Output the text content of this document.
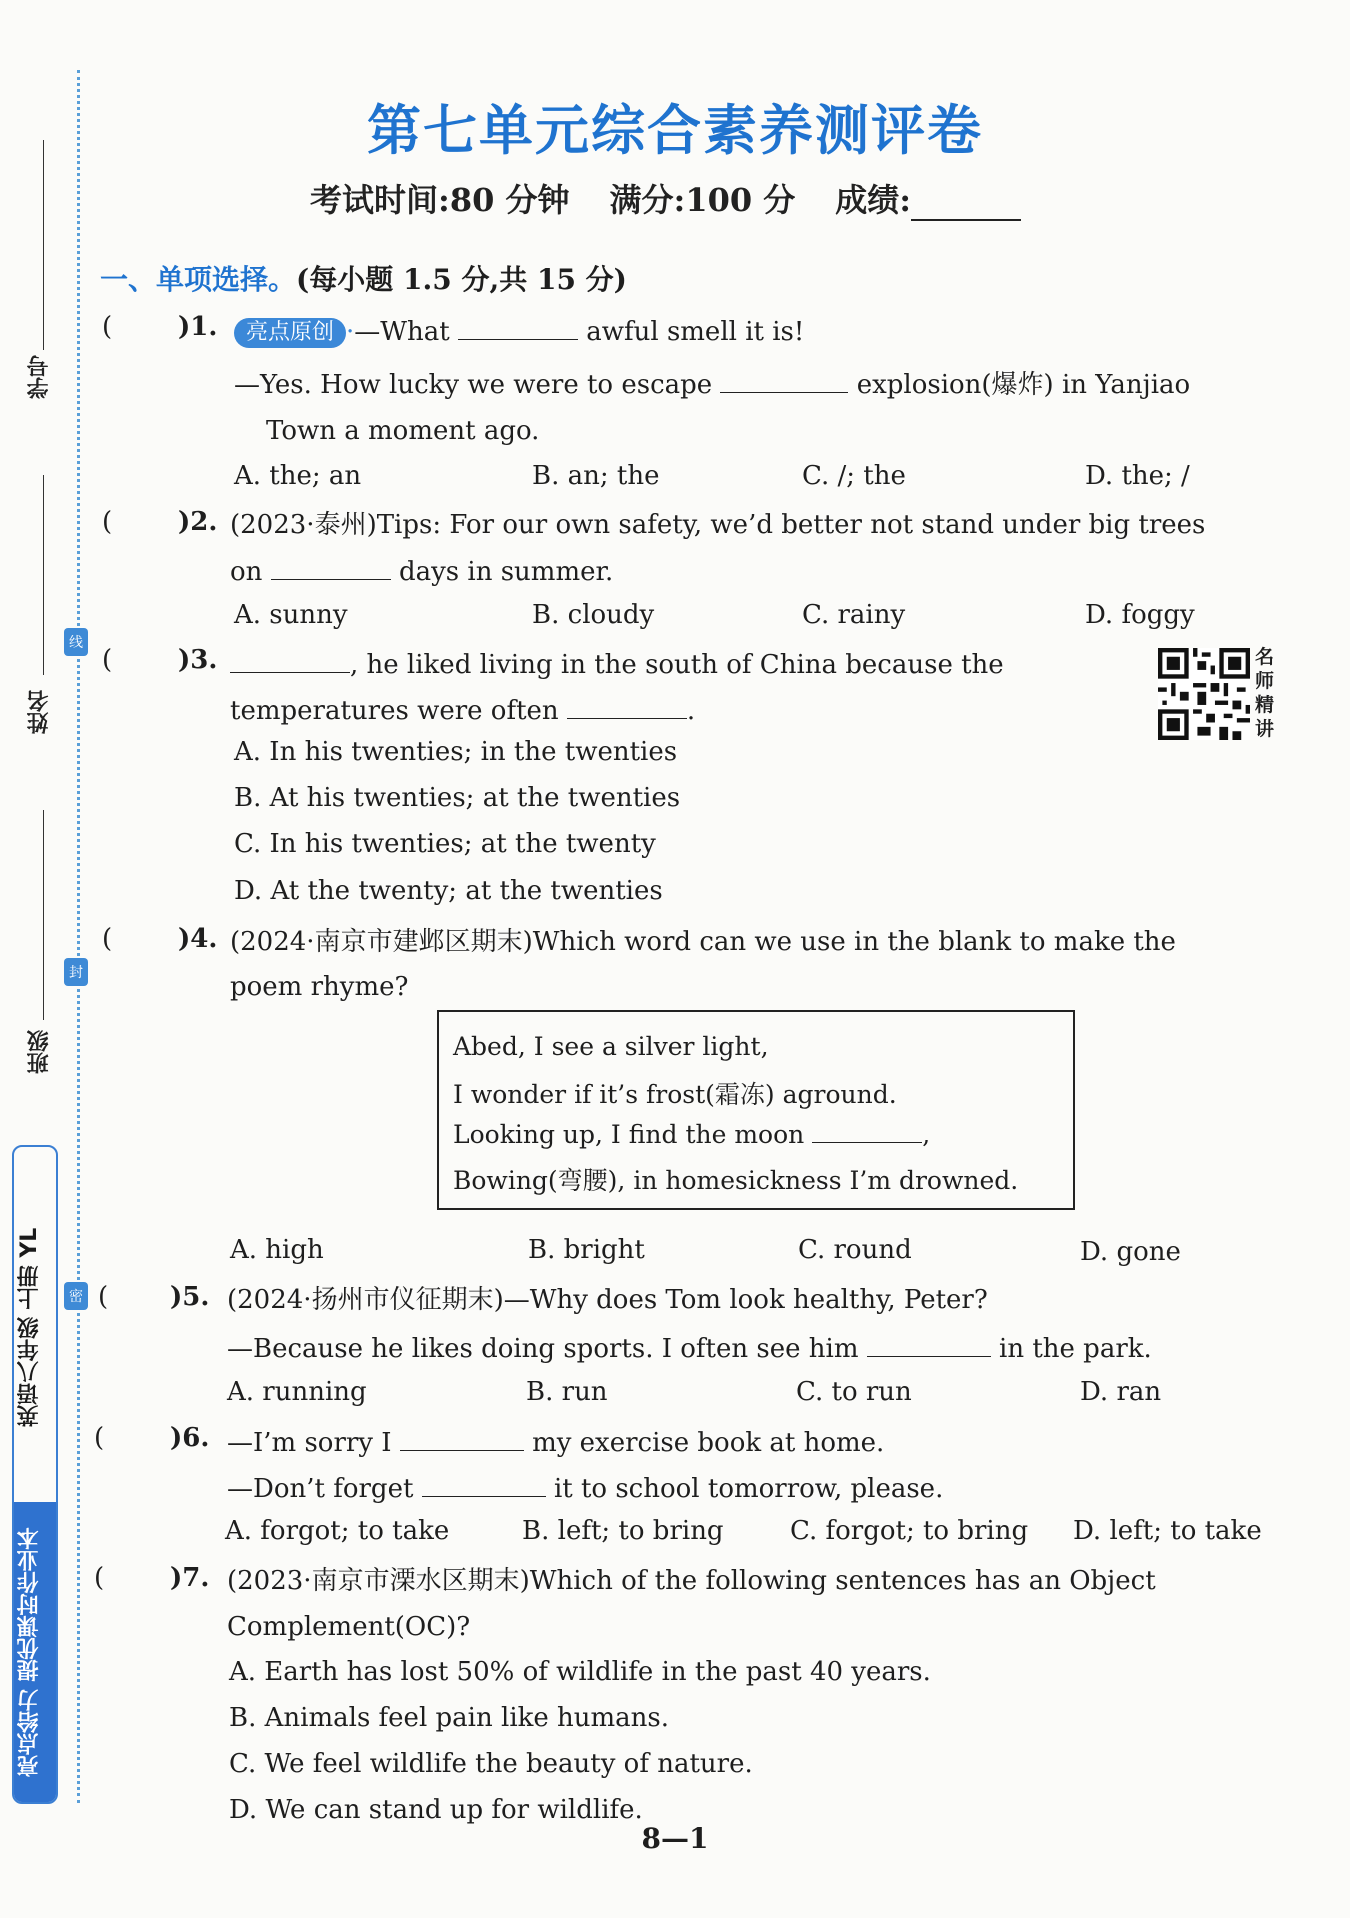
学号
姓名
班级
线
封
密
英语八年级 上册 YL
亮点给力 提优课时作业本
第七单元综合素养测评卷
考试时间:80 分钟 满分:100 分 成绩:
一、单项选择。(每小题 1.5 分,共 15 分)
(	)1.	亮点原创 ·—What	awful smell it is!
—Yes. How lucky we were to escape	explosion(爆炸) in Yanjiao
Town a moment ago.
A. the; an	B. an; the	C. /; the	D. the; /
(	)2. (2023·泰州)Tips: For our own safety, we’d better not stand under big trees
on	days in summer.
A. sunny	B. cloudy	C. rainy	D. foggy
(	)3.	, he liked living in the south of China because the
temperatures were often	.
名师精讲
A. In his twenties; in the twenties
B. At his twenties; at the twenties
C. In his twenties; at the twenty
D. At the twenty; at the twenties
(	)4. (2024·南京市建邺区期末)Which word can we use in the blank to make the
poem rhyme?
Abed, I see a silver light,
I wonder if it’s frost(霜冻) aground.
Looking up, I find the moon	,
Bowing(弯腰), in homesickness I’m drowned.
A. high	B. bright	C. round	D. gone
( )5. (2024·扬州市仪征期末)—Why does Tom look healthy, Peter?
—Because he likes doing sports. I often see him	in the park.
A. running	B. run	C. to run	D. ran
(	)6. —I’m sorry I	my exercise book at home.
—Don’t forget	it to school tomorrow, please.
A. forgot; to take	B. left; to bring	C. forgot; to bring D. left; to take
(	)7. (2023·南京市溧水区期末)Which of the following sentences has an Object
Complement(OC)?
A. Earth has lost 50% of wildlife in the past 40 years.
B. Animals feel pain like humans.
C. We feel wildlife the beauty of nature.
D. We can stand up for wildlife.
8—1
